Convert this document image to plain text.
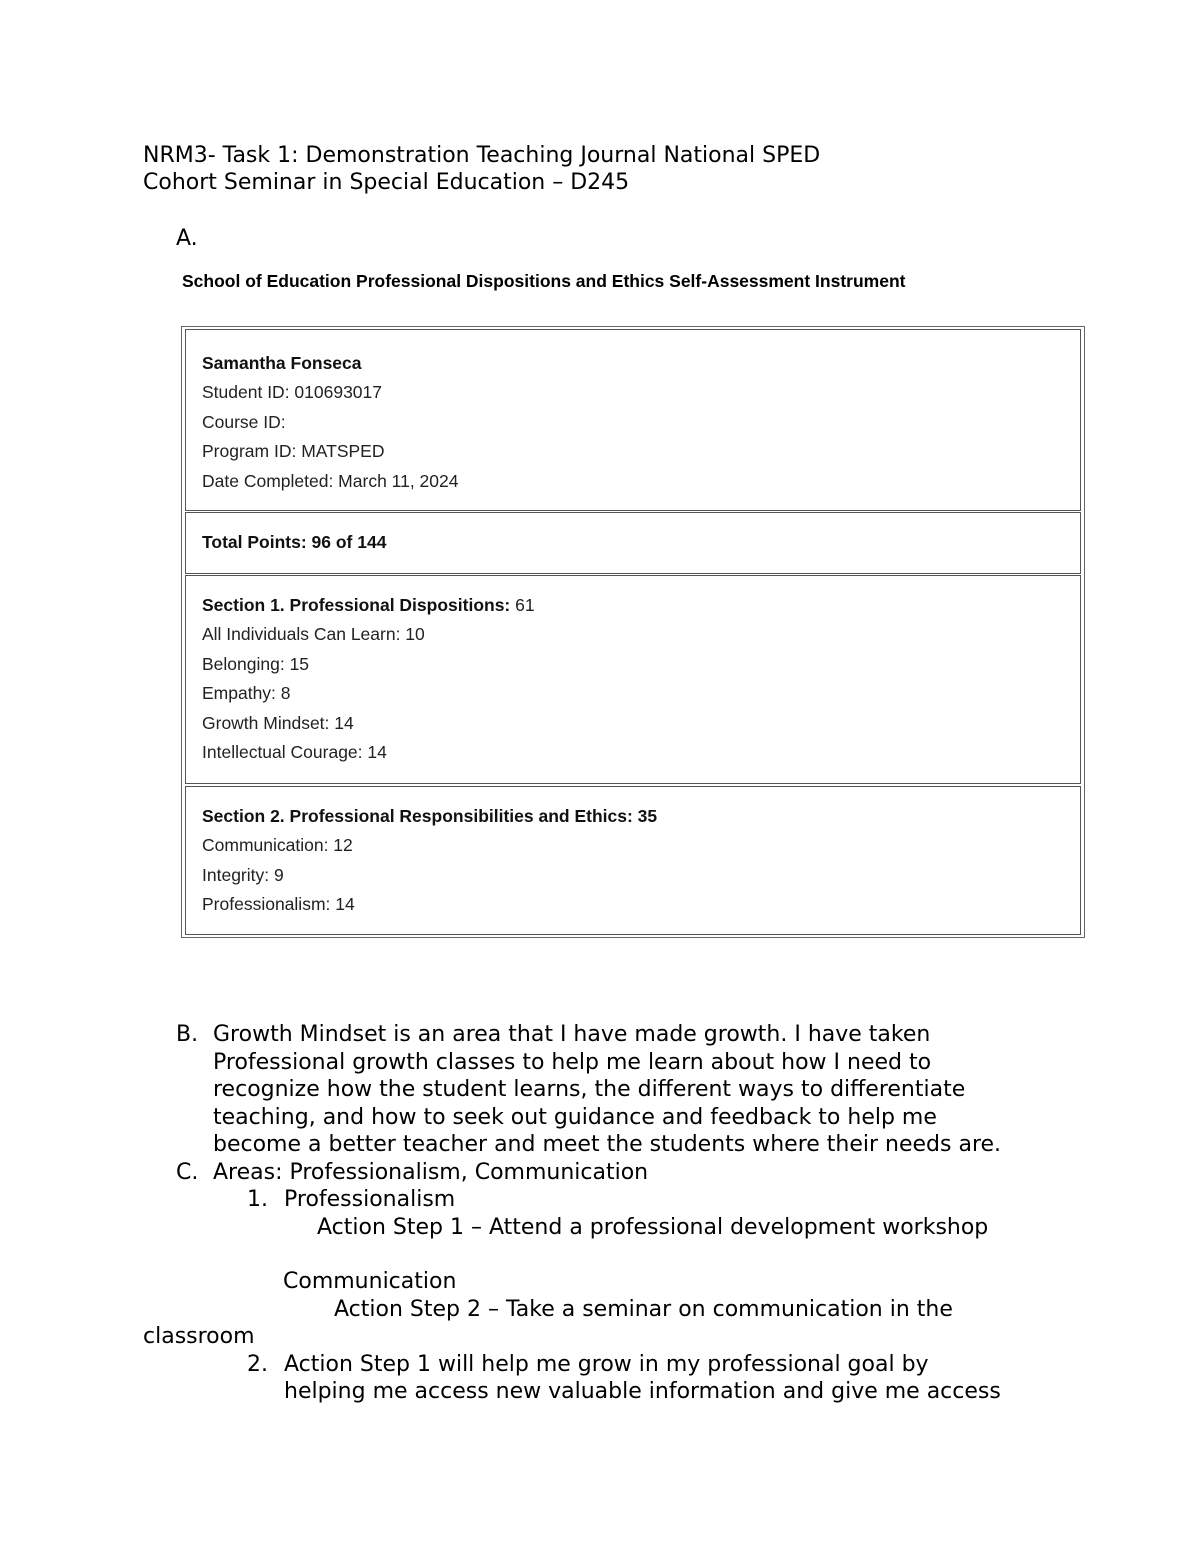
NRM3- Task 1: Demonstration Teaching Journal National SPED
Cohort Seminar in Special Education – D245
A.
School of Education Professional Dispositions and Ethics Self-Assessment Instrument
Samantha Fonseca
Student ID: 010693017
Course ID:
Program ID: MATSPED
Date Completed: March 11, 2024
Total Points: 96 of 144
Section 1. Professional Dispositions: 61
All Individuals Can Learn: 10
Belonging: 15
Empathy: 8
Growth Mindset: 14
Intellectual Courage: 14
Section 2. Professional Responsibilities and Ethics: 35
Communication: 12
Integrity: 9
Professionalism: 14
B. Growth Mindset is an area that I have made growth. I have taken
Professional growth classes to help me learn about how I need to
recognize how the student learns, the different ways to differentiate
teaching, and how to seek out guidance and feedback to help me
become a better teacher and meet the students where their needs are.
C. Areas: Professionalism, Communication
1. Professionalism
Action Step 1 – Attend a professional development workshop
Communication
Action Step 2 – Take a seminar on communication in the
classroom
2. Action Step 1 will help me grow in my professional goal by
helping me access new valuable information and give me access
